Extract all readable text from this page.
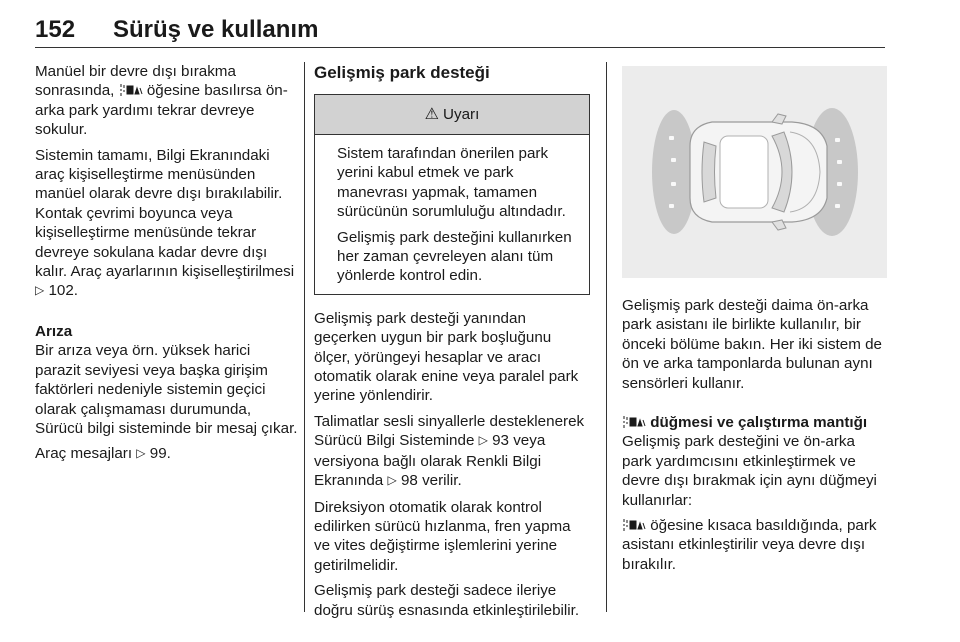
152 Sürüş ve kullanım

Manüel bir devre dışı bırakma sonrasında,  öğesine basılırsa ön-arka park yardımı tekrar devreye sokulur.

Sistemin tamamı, Bilgi Ekranındaki araç kişiselleştirme menüsünden manüel olarak devre dışı bırakılabilir. Kontak çevrimi boyunca veya kişiselleştirme menüsünde tekrar devreye sokulana kadar devre dışı kalır. Araç ayarlarının kişiselleştirilmesi ▷ 102.

Arıza

Bir arıza veya örn. yüksek harici parazit seviyesi veya başka girişim faktörleri nedeniyle sistemin geçici olarak çalışmaması durumunda, Sürücü bilgi sisteminde bir mesaj çıkar.

Araç mesajları ▷ 99.

Gelişmiş park desteği
⚠ Uyarı

Sistem tarafından önerilen park yerini kabul etmek ve park manevrası yapmak, tamamen sürücünün sorumluluğu altındadır.

Gelişmiş park desteğini kullanırken her zaman çevreleyen alanı tüm yönlerde kontrol edin.

Gelişmiş park desteği yanından geçerken uygun bir park boşluğunu ölçer, yörüngeyi hesaplar ve aracı otomatik olarak enine veya paralel park yerine yönlendirir.

Talimatlar sesli sinyallerle desteklenerek Sürücü Bilgi Sisteminde ▷ 93 veya versiyona bağlı olarak Renkli Bilgi Ekranında ▷ 98 verilir.

Direksiyon otomatik olarak kontrol edilirken sürücü hızlanma, fren yapma ve vites değiştirme işlemlerini yerine getirilmelidir.

Gelişmiş park desteği sadece ileriye doğru sürüş esnasında etkinleştirilebilir.

Gelişmiş park desteği daima ön-arka park asistanı ile birlikte kullanılır, bir önceki bölüme bakın. Her iki sistem de ön ve arka tamponlarda bulunan aynı sensörleri kullanır.

düğmesi ve çalıştırma mantığı

Gelişmiş park desteğini ve ön-arka park yardımcısını etkinleştirmek ve devre dışı bırakmak için aynı düğmeyi kullanırlar:

öğesine kısaca basıldığında, park asistanı etkinleştirilir veya devre dışı bırakılır.
